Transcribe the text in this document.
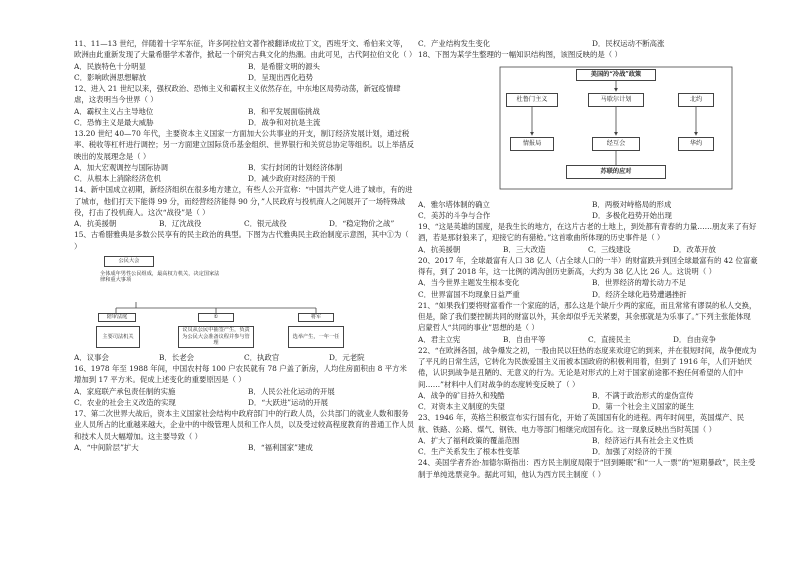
11、11—13 世纪，伴随着十字军东征，许多阿拉伯文著作被翻译成拉丁文，西班牙文、希伯来文等，欧洲由此重新发现了大量希腊学术著作，掀起一个研究古典文化的热潮。由此可见，古代阿拉伯文化（ ）

A．民族特色十分明显	B．是希腊文明的源头
C．影响欧洲思想解放	D．呈现出西化趋势

12、进入 21 世纪以来，强权政治、恐怖主义和霸权主义依然存在，中东地区局势动荡，新冠疫情肆虐，这表明当今世界（ ）

A．霸权主义占主导地位	B．和平发展面临挑战
C．恐怖主义是最大威胁	D．战争和对抗是主流

13.20 世纪 40—70 年代，主要资本主义国家一方面加大公共事业的开支，制订经济发展计划，通过税率、税收等杠杆进行调控；另一方面建立国际货币基金组织、世界银行和关贸总协定等组织。以上举措反映出的发展理念是（ ）

A．加大宏观调控与国际协调	B．实行封闭的计划经济体制
C．从根本上消除经济危机	D．减少政府对经济的干预

14、新中国成立初期，新经济组织在很多地方建立，有些人公开宣称：“中国共产党人进了城市，有的进了城市，他们打天下能得 99 分，而经营经济能得 90 分，”人民政府与投机商人之间展开了一场特殊战役，打击了投机商人。这次“战役”是（ ）

A．抗美援朝	B．辽沈战役	C．银元战役	D．“稳定物价之战”

15、古希腊雅典是多数公民享有的民主政治的典型。下图为古代雅典民主政治制度示意图，其中①为（ ）

公民大会
全体成年男性公民组成，最高权力机关，决定国家法律和重大事项
陪审法庭	①	将军
主要司法机关
议员从公民中抽签产生，负责为公民大会准备议程并参与管理
选举产生，一年一任
A．议事会	B．长老会	C．执政官	D．元老院

16、1978 年至 1988 年间，中国农村每 100 户农民就有 78 户盖了新房，人均住房面积由 8 平方米增加到 17 平方米。促成上述变化的重要原因是（ ）

A．家庭联产承包责任制的实施	B．人民公社化运动的开展
C．农业的社会主义改造的实现	D．“大跃进”运动的开展

17、第二次世界大战后，资本主义国家社会结构中政府部门中的行政人员，公共部门的就业人数和服务业人员所占的比重越来越大，企业中的中级管理人员和工作人员，以及受过较高程度教育的普通工作人员和技术人员大幅增加。这主要导致（ ）

A．“中间阶层”扩大	B．“福利国家”建成
C．产业结构发生变化	D．民权运动不断高涨

18、下图为某学生整理的一幅知识结构图，该图反映的是（ ）

美国的“冷战”政策
杜鲁门主义	马歇尔计划	北约
情报局	经互会	华约
苏联的应对
A．雅尔塔体制的确立	B．两极对峙格局的形成
C．美苏的斗争与合作	D．多极化趋势开始出现

19、“这是英雄的国度，是我生长的地方，在这片古老的土地上，到处都有青春的力量……朋友来了有好酒，若是那豺狼来了，迎接它的有猎枪。”这首歌曲所体现的历史事件是（ ）

A．抗美援朝	B．三大改造	C．三线建设	D．改革开放

20、2017 年，全球最富有人口 38 亿人（占全球人口的一半）的财富跌升到回全球最富有的 42 位富豪得有，到了 2018 年，这一比例的鸿沟创历史新高，大约为 38 亿人比 26 人。这说明（ ）

A．当今世界主题发生根本变化	B．世界经济的增长动力不足
C．世界富国不均现象日益严重	D．经济全球化趋势遭遇挫折

21、“如果我们要将财富看作一个家庭的话，那么这是个缺斤少两的家庭，而且常常有谬误的私人交换，但是，除了我们要控制共同的财富以外，其余却似乎无关紧要，其余那就是为乐事了。”下列主张能体现启蒙哲人“共同的事业”思想的是（ ）

A．君主立宪	B．自由平等	C．直接民主	D．自由竞争

22、“在欧洲各国，战争爆发之初，一股由民以狂热的态度来欢迎它的到来，并在很短时间，战争便成为了平凡的日常生活，它转化为民族爱国主义而被本国政府的积极利用着，但到了 1916 年，人们开始厌倦，认识到战争是丑陋的、无意义的行为。无论是对形式的上对于国家前途都不抱任何希望的人们中间……”材料中人们对战争的态度转变反映了（ ）

A．战争的矿目持久和残酷	B．不满于政治形式的虚伪宣传
C．对资本主义制度的失望	D．第一个社会主义国家的诞生

23、1946 年，英格兰积极宣布实行国有化，开始了英国国有化的进程。两年时间里，英国煤产、民航、铁路、公路、煤气、钢铁、电力等部门相继完成国有化。这一现象反映出当时英国（ ）

A．扩大了福利政策的覆盖范围	B．经济运行具有社会主义性质
C．生产关系发生了根本性变革	D．加强了对经济的干预

24、美国学者乔治·加德尔斯指出：西方民主制度局限于“回到睡眠”和“一人一票”的“短期暴政”，民主受制于单纯选票竞争。据此可知，他认为西方民主制度（ ）
